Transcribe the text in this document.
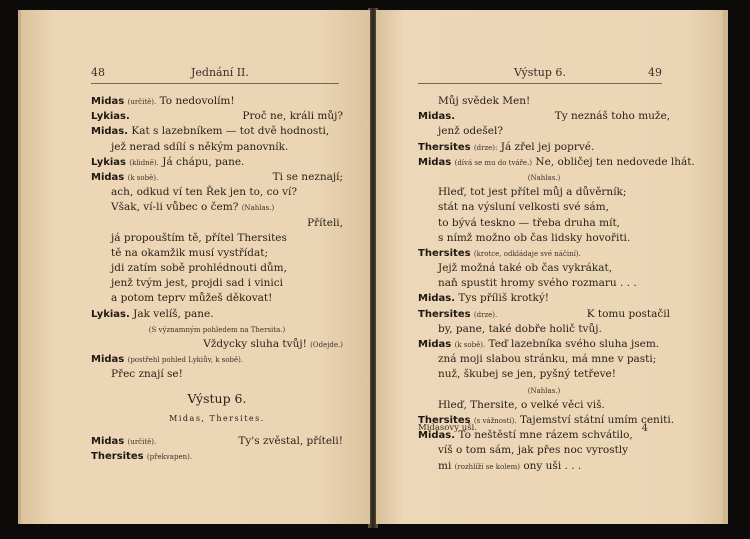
48	Jednání II.
Midas (určitě). To nedovolím!
Lykias.	Proč ne, králi můj?
Midas. Kat s lazebníkem — tot dvě hodnosti,
jež nerad sdílí s někým panovník.
Lykias (klidně). Já chápu, pane.
Midas (k sobě).	Ti se neznají;
ach, odkud ví ten Řek jen to, co ví?
Však, ví-li vůbec o čem? (Nahlas.)
Příteli,
já propouštím tě, přítel Thersites
tě na okamžik musí vystřídat;
jdi zatím sobě prohlédnouti dům,
jenž tvým jest, projdi sad i vinici
a potom teprv můžeš děkovat!
Lykias. Jak velíš, pane.
(S významným pohledem na Thersita.)
Vždycky sluha tvůj! (Odejde.)
Midas (postřehl pohled Lykiův, k sobě).
Přec znají se!
Výstup 6.
Midas, Thersites.
Midas (určitě).	Ty's zvěstal, příteli!
Thersites (překvapen).
Výstup 6.	49
Můj svědek Men!
Midas.	Ty neznáš toho muže,
jenž odešel?
Thersites (drze): Já zřel jej poprvé.
Midas (dívá se mu do tváře.) Ne, obličej ten nedovede lhát.
(Nahlas.)
Hleď, tot jest přítel můj a důvěrník;
stát na výsluní velkosti své sám,
to bývá teskno — třeba druha mít,
s nímž možno ob čas lidsky hovořiti.
Thersites (krotce, odkládaje své náčiní).
Jejž možná také ob čas vykrákat,
naň spustit hromy svého rozmaru . . .
Midas. Tys příliš krotký!
Thersites (drze).	K tomu postačil
by, pane, také dobře holič tvůj.
Midas (k sobě). Teď lazebníka svého sluha jsem.
zná moji slabou stránku, má mne v pasti;
nuž, škubej se jen, pyšný tetřeve!
(Nahlas.)
Hleď, Thersite, o velké věci viš.
Thersites (s vážností). Tajemství státní umím ceniti.
Midas. To neštěstí mne rázem schvátilo,
víš o tom sám, jak přes noc vyrostly
mi (rozhlíží se kolem) ony uši . . .
Midasovy uši.	4
